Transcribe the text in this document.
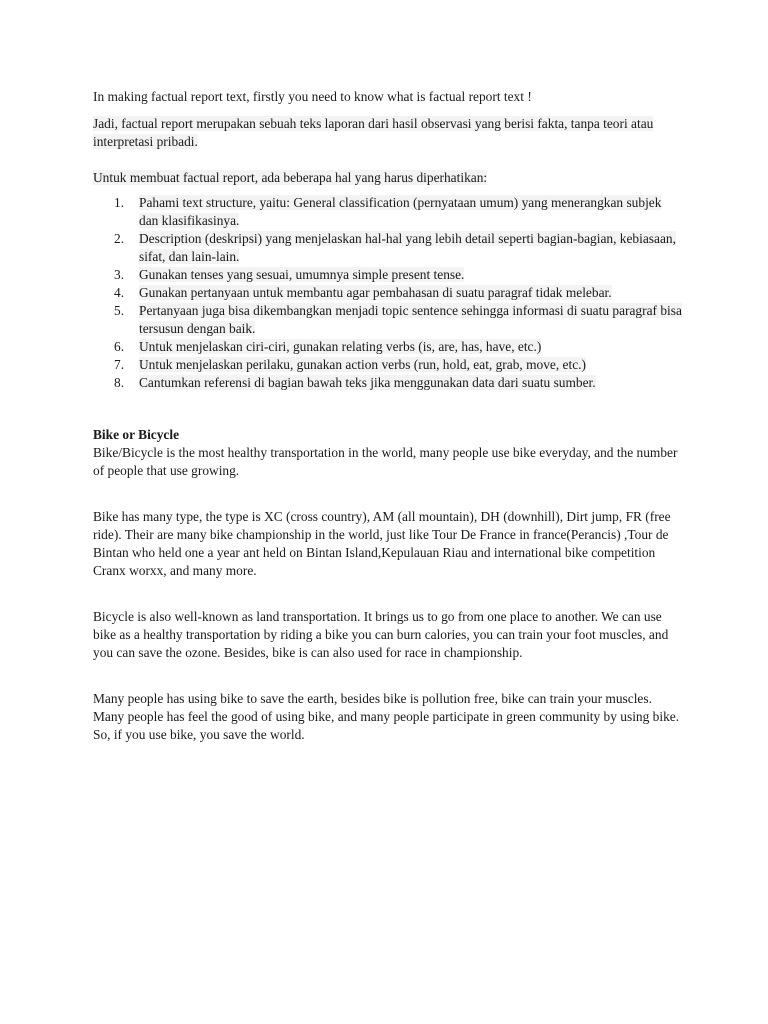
In making factual report text, firstly you need to know what is factual report text !

Jadi, factual report merupakan sebuah teks laporan dari hasil observasi yang berisi fakta, tanpa teori atau interpretasi pribadi.

Untuk membuat factual report, ada beberapa hal yang harus diperhatikan:

1. Pahami text structure, yaitu: General classification (pernyataan umum) yang menerangkan subjek dan klasifikasinya.
2. Description (deskripsi) yang menjelaskan hal-hal yang lebih detail seperti bagian-bagian, kebiasaan, sifat, dan lain-lain.
3. Gunakan tenses yang sesuai, umumnya simple present tense.
4. Gunakan pertanyaan untuk membantu agar pembahasan di suatu paragraf tidak melebar.
5. Pertanyaan juga bisa dikembangkan menjadi topic sentence sehingga informasi di suatu paragraf bisa tersusun dengan baik.
6. Untuk menjelaskan ciri-ciri, gunakan relating verbs (is, are, has, have, etc.)
7. Untuk menjelaskan perilaku, gunakan action verbs (run, hold, eat, grab, move, etc.)
8. Cantumkan referensi di bagian bawah teks jika menggunakan data dari suatu sumber.

Bike or Bicycle

Bike/Bicycle is the most healthy transportation in the world, many people use bike everyday, and the number of people that use growing.

Bike has many type, the type is XC (cross country), AM (all mountain), DH (downhill), Dirt jump, FR (free ride). Their are many bike championship in the world, just like Tour De France in france(Perancis) ,Tour de Bintan who held one a year ant held on Bintan Island,Kepulauan Riau and international bike competition Cranx worxx, and many more.

Bicycle is also well-known as land transportation. It brings us to go from one place to another. We can use bike as a healthy transportation by riding a bike you can burn calories, you can train your foot muscles, and you can save the ozone. Besides, bike is can also used for race in championship.

Many people has using bike to save the earth, besides bike is pollution free, bike can train your muscles. Many people has feel the good of using bike, and many people participate in green community by using bike. So, if you use bike, you save the world.
